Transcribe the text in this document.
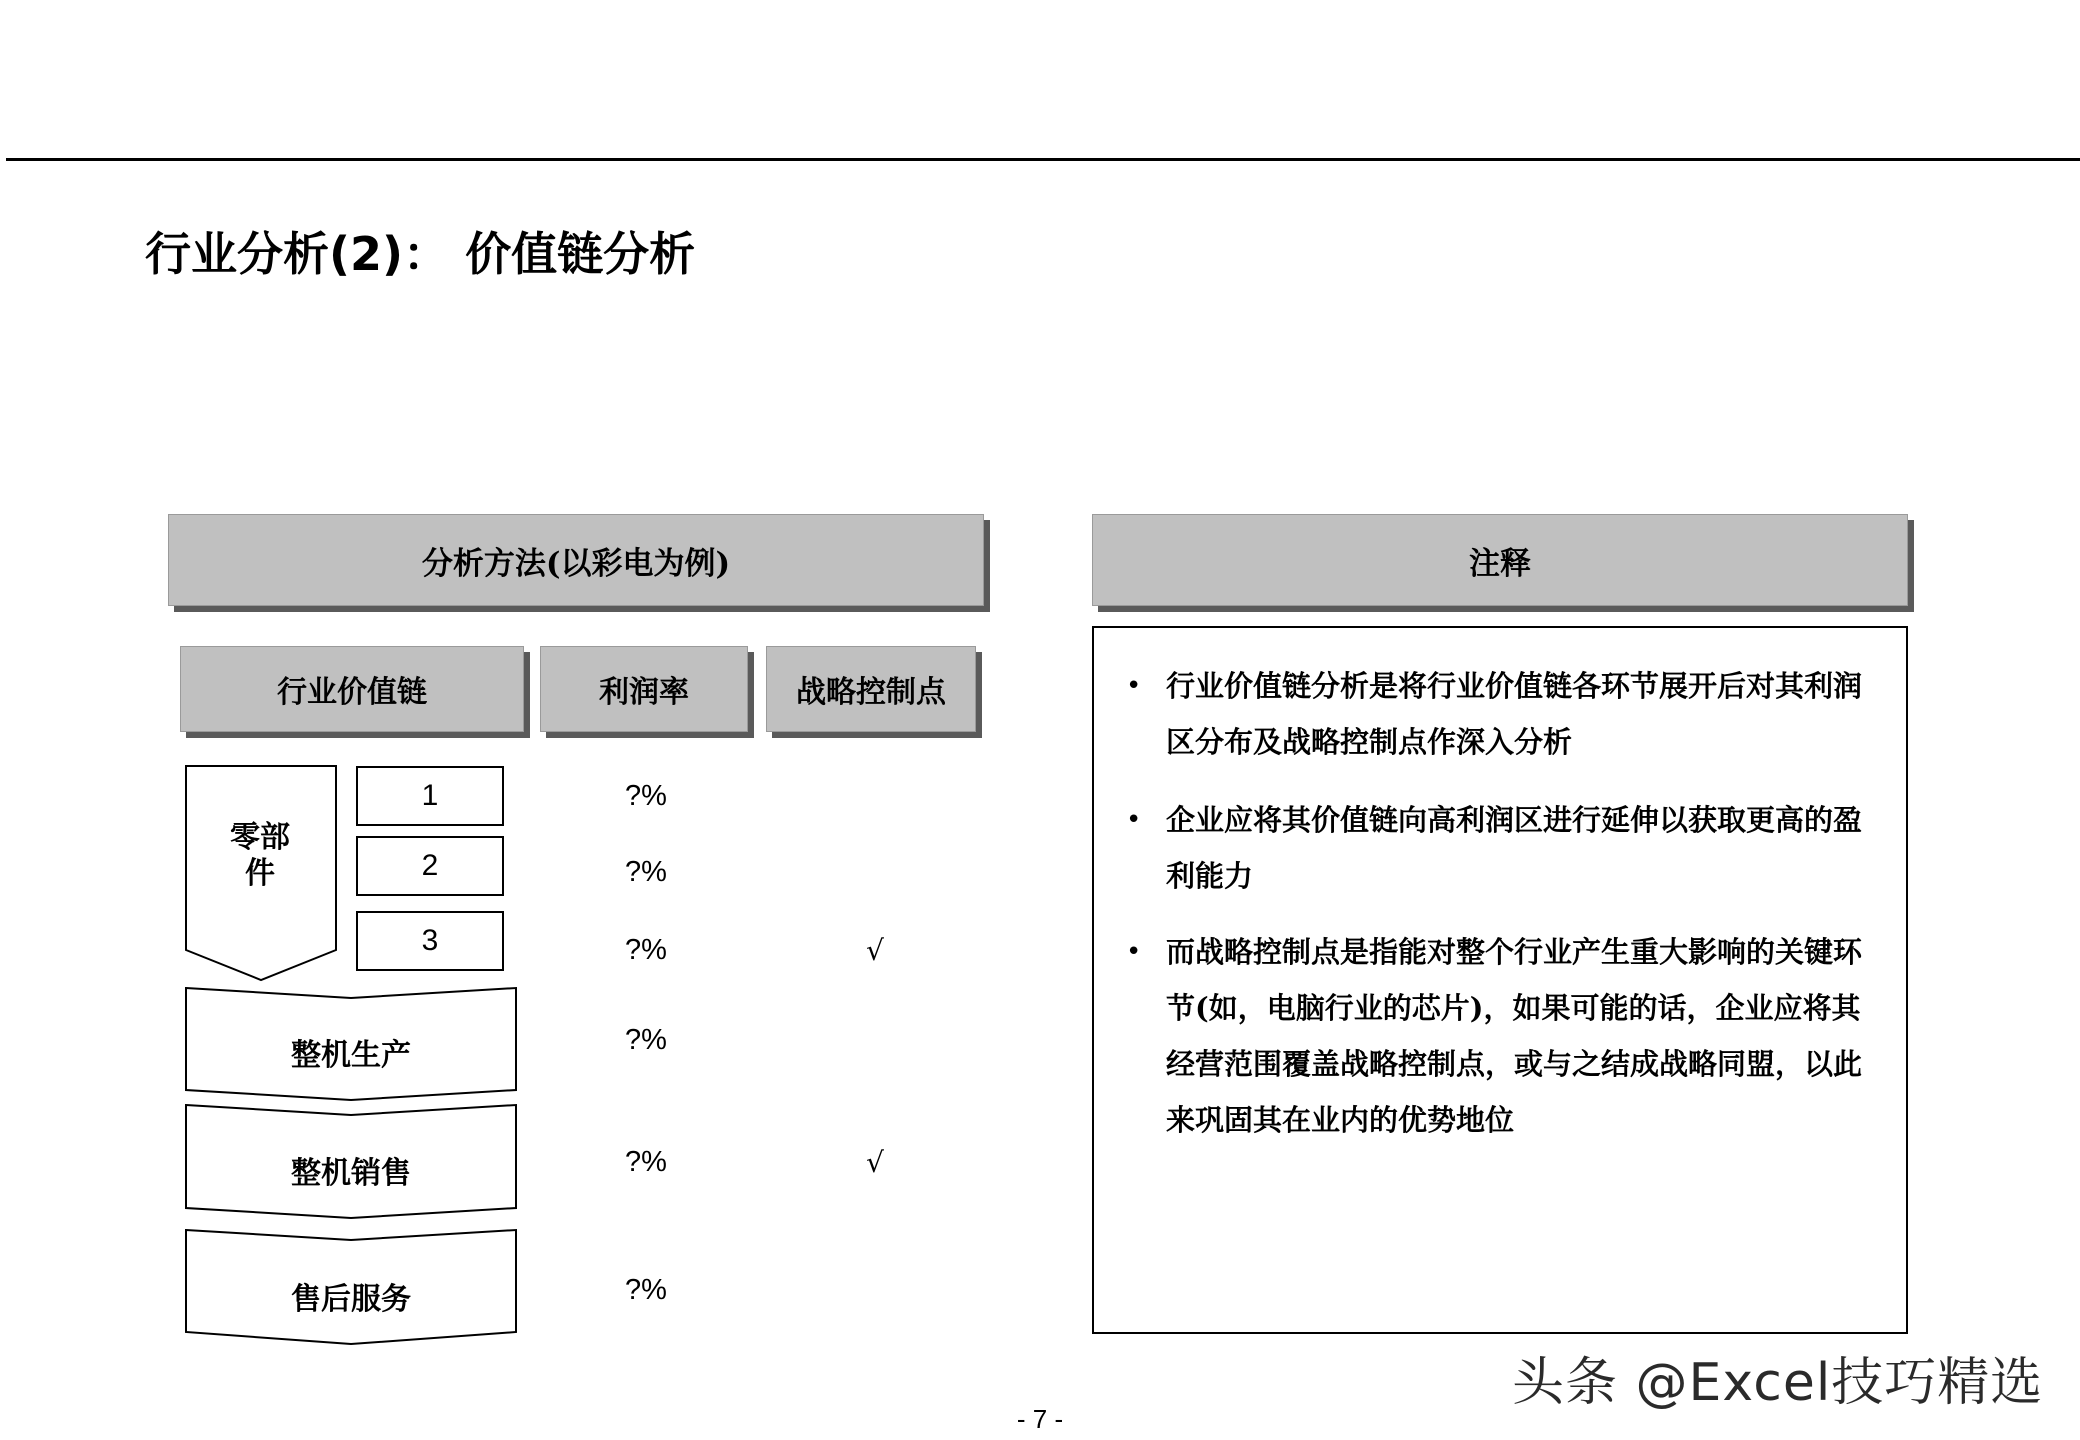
行业分析(2)： 价值链分析
分析方法(以彩电为例)
行业价值链	利润率	战略控制点
零部件
1
2
3
整机生产
整机销售
售后服务
?%
?%
?%
?%
?%
?%
√
√
注释
• 行业价值链分析是将行业价值链各环节展开后对其利润区分布及战略控制点作深入分析
• 企业应将其价值链向高利润区进行延伸以获取更高的盈利能力
• 而战略控制点是指能对整个行业产生重大影响的关键环节(如，电脑行业的芯片)，如果可能的话，企业应将其经营范围覆盖战略控制点，或与之结成战略同盟，以此来巩固其在业内的优势地位
头条 @Excel技巧精选
- 7 -
